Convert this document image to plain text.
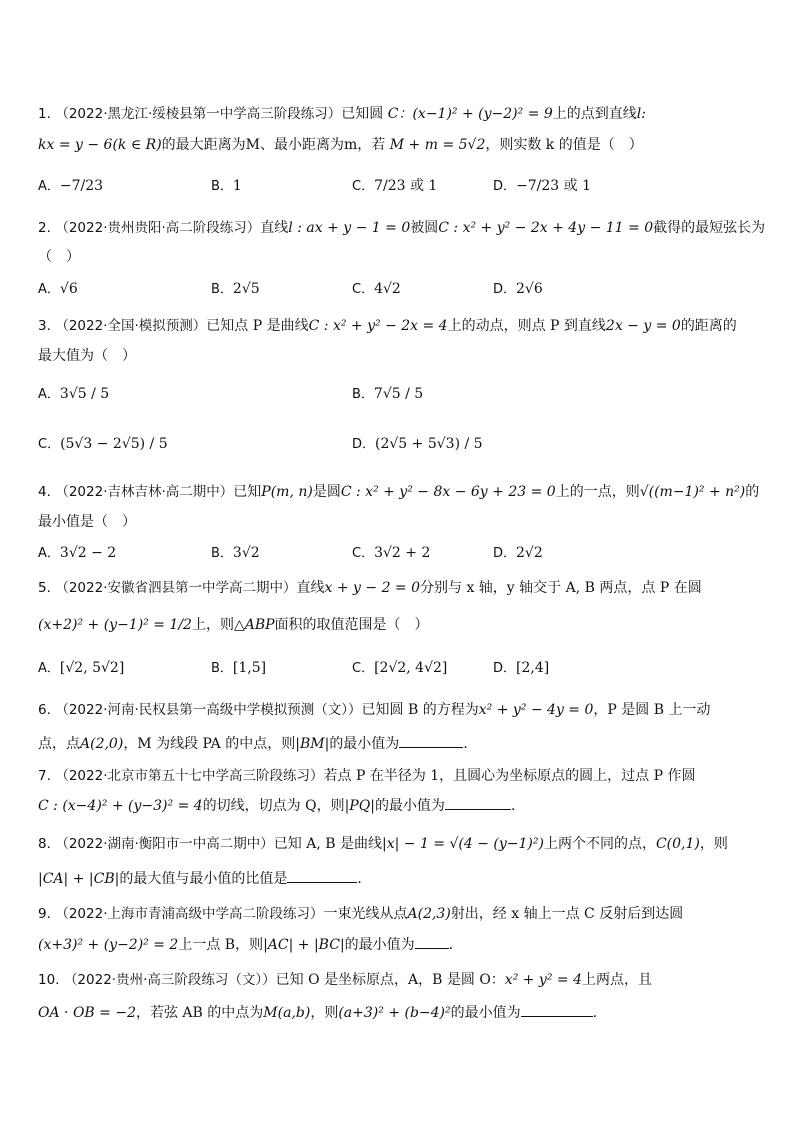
1. （2022·黑龙江·绥棱县第一中学高三阶段练习）已知圆 C：(x−1)² + (y−2)² = 9上的点到直线l:
kx = y − 6(k ∈ R)的最大距离为M、最小距离为m，若 M + m = 5√2，则实数 k 的值是（　）
A．−7/23	B．1	C．7/23 或 1	D．−7/23 或 1
2. （2022·贵州贵阳·高二阶段练习）直线l : ax + y − 1 = 0被圆C : x² + y² − 2x + 4y − 11 = 0截得的最短弦长为
（　）
A．√6	B．2√5	C．4√2	D．2√6
3. （2022·全国·模拟预测）已知点 P 是曲线C : x² + y² − 2x = 4上的动点，则点 P 到直线2x − y = 0的距离的
最大值为（　）
A．3√5 / 5	B．7√5 / 5
C．(5√3 − 2√5) / 5	D．(2√5 + 5√3) / 5
4. （2022·吉林吉林·高二期中）已知P(m, n)是圆C : x² + y² − 8x − 6y + 23 = 0上的一点，则√((m−1)² + n²)的
最小值是（　）
A．3√2 − 2	B．3√2	C．3√2 + 2	D．2√2
5. （2022·安徽省泗县第一中学高二期中）直线x + y − 2 = 0分别与 x 轴，y 轴交于 A, B 两点，点 P 在圆
(x+2)² + (y−1)² = 1/2上，则△ABP面积的取值范围是（　）
A．[√2, 5√2]	B．[1,5]	C．[2√2, 4√2]	D．[2,4]
6. （2022·河南·民权县第一高级中学模拟预测（文））已知圆 B 的方程为x² + y² − 4y = 0，P 是圆 B 上一动
点，点A(2,0)，M 为线段 PA 的中点，则|BM|的最小值为	.
7. （2022·北京市第五十七中学高三阶段练习）若点 P 在半径为 1，且圆心为坐标原点的圆上，过点 P 作圆
C : (x−4)² + (y−3)² = 4的切线，切点为 Q，则|PQ|的最小值为	.
8. （2022·湖南·衡阳市一中高二期中）已知 A, B 是曲线|x| − 1 = √(4 − (y−1)²)上两个不同的点，C(0,1)，则
|CA| + |CB|的最大值与最小值的比值是	.
9. （2022·上海市青浦高级中学高二阶段练习）一束光线从点A(2,3)射出，经 x 轴上一点 C 反射后到达圆
(x+3)² + (y−2)² = 2上一点 B，则|AC| + |BC|的最小值为 .
10. （2022·贵州·高三阶段练习（文））已知 O 是坐标原点，A，B 是圆 O：x² + y² = 4上两点，且
OA · OB = −2，若弦 AB 的中点为M(a,b)，则(a+3)² + (b−4)²的最小值为	.
